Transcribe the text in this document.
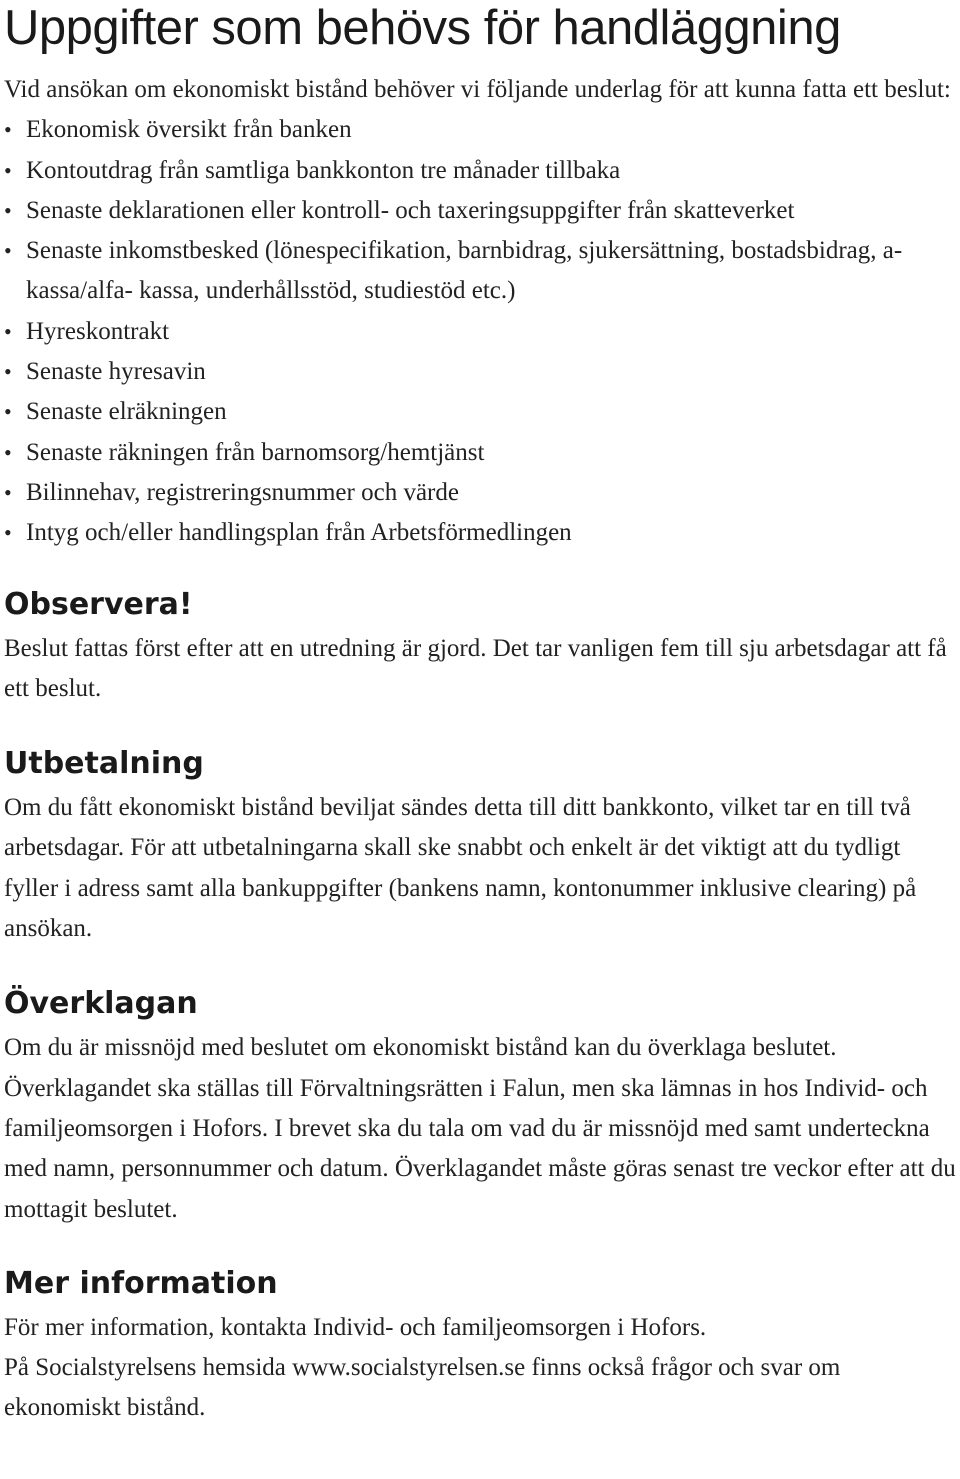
Uppgifter som behövs för handläggning

Vid ansökan om ekonomiskt bistånd behöver vi följande underlag för att kunna fatta ett beslut:

• Ekonomisk översikt från banken
• Kontoutdrag från samtliga bankkonton tre månader tillbaka
• Senaste deklarationen eller kontroll- och taxeringsuppgifter från skatteverket
• Senaste inkomstbesked (lönespecifikation, barnbidrag, sjukersättning, bostadsbidrag, a-kassa/alfa- kassa, underhållsstöd, studiestöd etc.)
• Hyreskontrakt
• Senaste hyresavin
• Senaste elräkningen
• Senaste räkningen från barnomsorg/hemtjänst
• Bilinnehav, registreringsnummer och värde
• Intyg och/eller handlingsplan från Arbetsförmedlingen
Observera!

Beslut fattas först efter att en utredning är gjord. Det tar vanligen fem till sju arbetsdagar att få ett beslut.

Utbetalning

Om du fått ekonomiskt bistånd beviljat sändes detta till ditt bankkonto, vilket tar en till två arbetsdagar. För att utbetalningarna skall ske snabbt och enkelt är det viktigt att du tydligt fyller i adress samt alla bankuppgifter (bankens namn, kontonummer inklusive clearing) på ansökan.

Överklagan

Om du är missnöjd med beslutet om ekonomiskt bistånd kan du överklaga beslutet. Överklagandet ska ställas till Förvaltningsrätten i Falun, men ska lämnas in hos Individ- och familjeomsorgen i Hofors. I brevet ska du tala om vad du är missnöjd med samt underteckna med namn, personnummer och datum. Överklagandet måste göras senast tre veckor efter att du mottagit beslutet.

Mer information

För mer information, kontakta Individ- och familjeomsorgen i Hofors.

På Socialstyrelsens hemsida www.socialstyrelsen.se finns också frågor och svar om ekonomiskt bistånd.
